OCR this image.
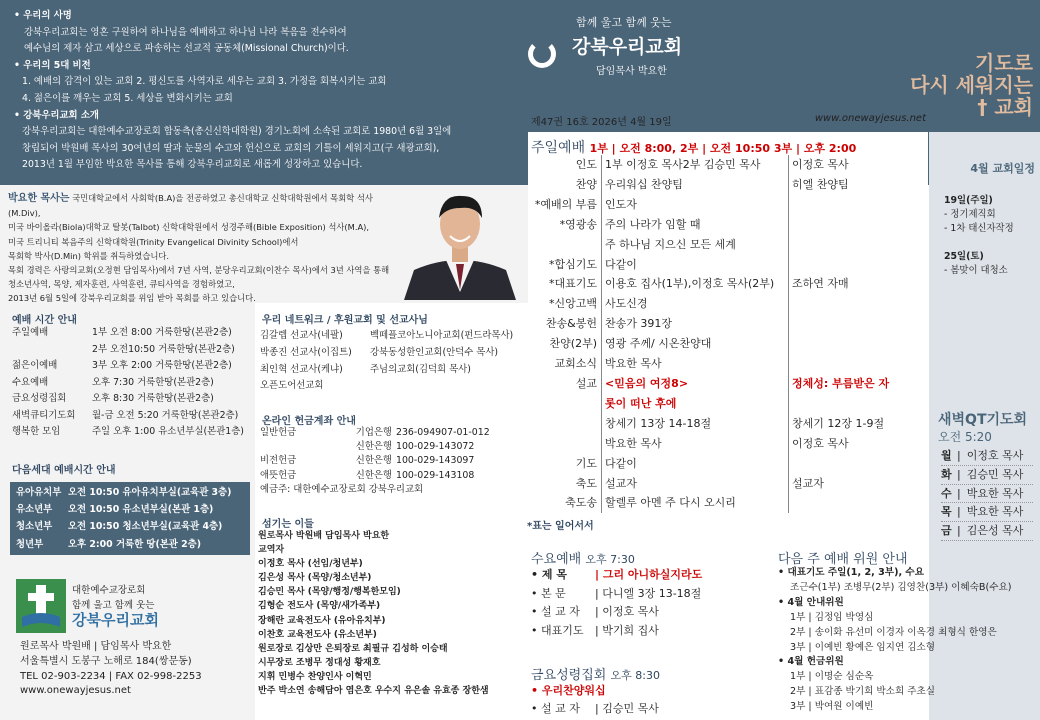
• 우리의 사명
강북우리교회는 영혼 구원하여 하나님을 예배하고 하나님 나라 복음을 전수하여
예수님의 제자 삼고 세상으로 파송하는 선교적 공동체(Missional Church)이다.
• 우리의 5대 비전
1. 예배의 감격이 있는 교회 2. 평신도를 사역자로 세우는 교회 3. 가정을 회복시키는 교회
4. 젊은이를 깨우는 교회 5. 세상을 변화시키는 교회
• 강북우리교회 소개
강북우리교회는 대한예수교장로회 합동측(총신신학대학원) 경기노회에 소속된 교회로 1980년 6월 3일에
창립되어 박원배 목사의 30여년의 땀과 눈물의 수고와 헌신으로 교회의 기틀이 세워지고(구 새광교회),
2013년 1월 부임한 박요한 목사를 통해 강북우리교회로 새롭게 성장하고 있습니다.
함께 울고 함께 웃는
강북우리교회
담임목사 박요한	기도로
다시 세워지는
† 교회
4월 교회일정
19일(주일)
- 정기제직회
- 1차 태신자작정
25일(토)
- 봄맞이 대청소
새벽QT기도회
오전 5:20
월 | 이정호 목사
화 | 김승민 목사
수 | 박요한 목사
목 | 박요한 목사
금 | 김은성 목사
박요한 목사는 국민대학교에서 사회학(B.A)을 전공하였고 총신대학교 신학대학원에서 목회학 석사(M.Div),
미국 바이올라(Biola)대학교 탈봇(Talbot) 신학대학원에서 성경주해(Bible Exposition) 석사(M.A),
미국 트리니티 복음주의 신학대학원(Trinity Evangelical Divinity School)에서
목회학 박사(D.Min) 학위를 취득하였습니다.
목회 경력은 사랑의교회(오정현 담임목사)에서 7년 사역, 분당우리교회(이찬수 목사)에서 3년 사역을 통해
청소년사역, 목양, 제자훈련, 사역훈련, 큐티사역을 경험하였고,
2013년 6월 5일에 강북우리교회를 위임 받아 목회를 하고 있습니다.
예배 시간 안내
주일예배	1부 오전 8:00 거룩한땅(본관2층)
2부 오전10:50 거룩한땅(본관2층)
젊은이예배	3부 오후 2:00 거룩한땅(본관2층)
수요예배	오후 7:30 거룩한땅(본관2층)
금요성령집회	오후 8:30 거룩한땅(본관2층)
새벽큐티기도회	월-금 오전 5:20 거룩한땅(본관2층)
행복한 모임	주일 오후 1:00 유소년부실(본관1층)
다음세대 예배시간 안내
유아유치부 오전 10:50 유아유치부실(교육관 3층)
유소년부	오전 10:50 유소년부실(본관 1층)
청소년부	오전 10:50 청소년부실(교육관 4층)
청년부	오후 2:00 거룩한 땅(본관 2층)
대한예수교장로회
함께 울고 함께 웃는
강북우리교회
원로목사 박원배 | 담임목사 박요한
서울특별시 도봉구 노해로 184(쌍문동)
TEL 02-903-2234 | FAX 02-998-2253
www.onewayjesus.net
우리 네트워크 / 후원교회 및 선교사님
김갈렙 선교사(네팔)	벡떼플코아노니아교회(펀드라목사)
박종진 선교사(이집트)	강북동성한인교회(안덕수 목사)
최인혁 선교사(케냐)	주님의교회(김덕희 목사)
오픈도어선교회
온라인 헌금계좌 안내
일반헌금	기업은행 236-094907-01-012
신한은행 100-029-143072
비전헌금	신한은행 100-029-143097
애뜻헌금	신한은행 100-029-143108
예금주: 대한예수교장로회 강북우리교회
섬기는 이들
원로목사 박원배 담임목사 박요한
교역자
이정호 목사 (선임/청년부)
김은성 목사 (목양/청소년부)
김승민 목사 (목양/행정/행복한모임)
김형순 전도사 (목양/새가족부)
장해란 교육전도사 (유아유치부)
이찬호 교육전도사 (유소년부)
원로장로 김상만 은퇴장로 최필규 김성하 이승태
시무장로 조병무 정대성 황재호
지휘 민병수 찬양인사 이혁민
반주 박소연 송해담아 염은호 우수지 유은솔 유효종 장한샘
제47권 16호 2026년 4월 19일	www.onewayjesus.net
주일예배 1부 | 오전 8:00, 2부 | 오전 10:50 3부 | 오후 2:00
인도 1부 이정호 목사2부 김승민 목사	이정호 목사
찬양 우리워십 찬양팀	히엘 찬양팀
*예배의 부름 인도자
*영광송 주의 나라가 임할 때
주 하나님 지으신 모든 세계
*합심기도 다같이
*대표기도 이용호 집사(1부),이정호 목사(2부)	조하연 자매
*신앙고백 사도신경
찬송&봉헌 찬송가 391장
찬양(2부) 영광 주께/ 시온찬양대
교회소식 박요한 목사
설교 <믿음의 여정8>	정체성: 부름받은 자
롯이 떠난 후에
창세기 13장 14-18절	창세기 12장 1-9절
박요한 목사	이정호 목사
기도 다같이
축도 설교자	설교자
축도송 할렐루 아멘 주 다시 오시리
*표는 일어서서
수요예배 오후 7:30
• 제 목	| 그리 아니하실지라도
• 본 문	| 다니엘 3장 13-18절
• 설 교 자	| 이정호 목사
• 대표기도	| 박기희 집사
금요성령집회 오후 8:30
• 우리찬양워십
• 설 교 자	| 김승민 목사
다음 주 예배 위원 안내
• 대표기도 주일(1, 2, 3부), 수요
조근수(1부) 조병무(2부) 김영찬(3부) 이혜숙B(수요)
• 4월 안내위원
1부 | 김정임 박영심
2부 | 송이화 유선미 이경자 이옥경 최형식 한영은
3부 | 이예빈 황예은 임지연 김소형
• 4월 헌금위원
1부 | 이명순 심순옥
2부 | 표감종 박기희 박소희 주초실
3부 | 박여원 이예빈
